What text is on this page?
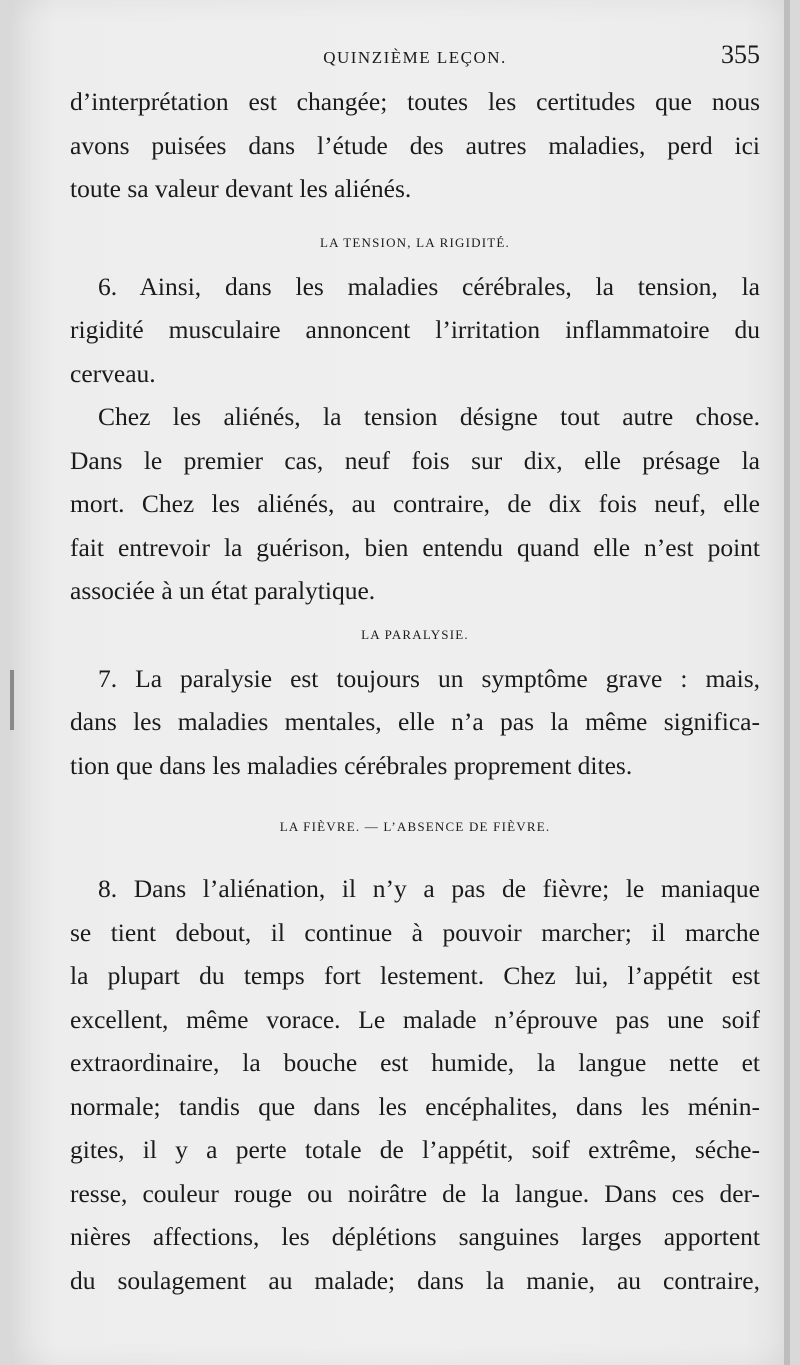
QUINZIÈME LEÇON.	355
d’interprétation est changée; toutes les certitudes que nous
avons puisées dans l’étude des autres maladies, perd ici
toute sa valeur devant les aliénés.
LA TENSION, LA RIGIDITÉ.
6. Ainsi, dans les maladies cérébrales, la tension, la
rigidité musculaire annoncent l’irritation inflammatoire du
cerveau.
Chez les aliénés, la tension désigne tout autre chose.
Dans le premier cas, neuf fois sur dix, elle présage la
mort. Chez les aliénés, au contraire, de dix fois neuf, elle
fait entrevoir la guérison, bien entendu quand elle n’est point
associée à un état paralytique.
LA PARALYSIE.
7. La paralysie est toujours un symptôme grave : mais,
dans les maladies mentales, elle n’a pas la même significa-
tion que dans les maladies cérébrales proprement dites.
LA FIÈVRE. — L’ABSENCE DE FIÈVRE.
8. Dans l’aliénation, il n’y a pas de fièvre; le maniaque
se tient debout, il continue à pouvoir marcher; il marche
la plupart du temps fort lestement. Chez lui, l’appétit est
excellent, même vorace. Le malade n’éprouve pas une soif
extraordinaire, la bouche est humide, la langue nette et
normale; tandis que dans les encéphalites, dans les ménin-
gites, il y a perte totale de l’appétit, soif extrême, séche-
resse, couleur rouge ou noirâtre de la langue. Dans ces der-
nières affections, les déplétions sanguines larges apportent
du soulagement au malade; dans la manie, au contraire,
